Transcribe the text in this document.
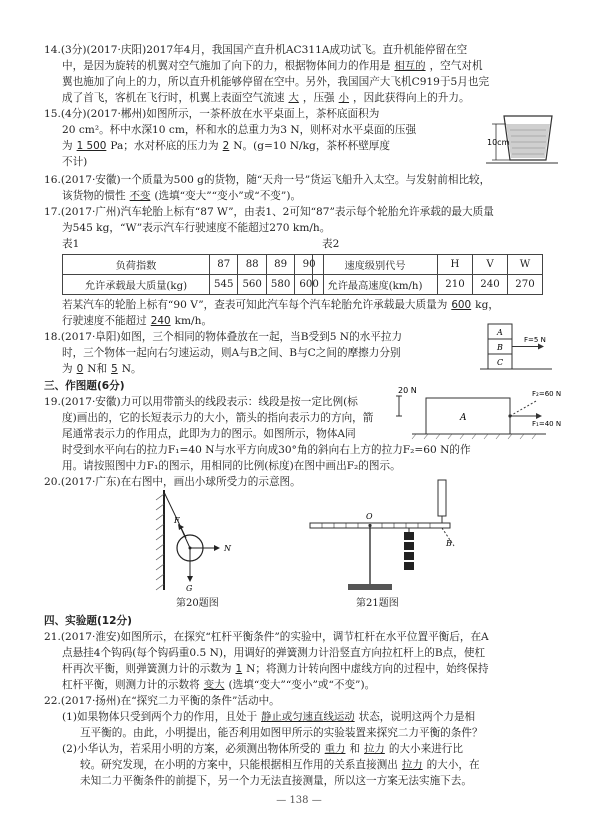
14.(3分)(2017·庆阳)2017年4月，我国国产直升机AC311A成功试飞。直升机能停留在空
中，是因为旋转的机翼对空气施加了向下的力，根据物体间力的作用是 相互的 ，空气对机
翼也施加了向上的力，所以直升机能够停留在空中。另外，我国国产大飞机C919于5月也完
成了首飞，客机在飞行时，机翼上表面空气流速 大 ，压强 小 ，因此获得向上的升力。
15.(4分)(2017·郴州)如图所示，一茶杯放在水平桌面上，茶杯底面积为
20 cm²。杯中水深10 cm，杯和水的总重力为3 N，则杯对水平桌面的压强
为 1 500 Pa；水对杯底的压力为 2 N。(g=10 N/kg，茶杯杯壁厚度
不计)
10cm
16.(2017·安徽)一个质量为500 g的货物，随“天舟一号”货运飞船升入太空。与发射前相比较，
该货物的惯性 不变 (选填“变大”“变小”或“不变”)。
17.(2017·广州)汽车轮胎上标有“87 W”，由表1、2可知“87”表示每个轮胎允许承载的最大质量
为545 kg，“W”表示汽车行驶速度不能超过270 km/h。
表1	表2
负荷指数	87	88	89	90
允许承载最大质量(kg)	545	560	580	600
速度级别代号	H	V	W
允许最高速度(km/h)	210	240	270
若某汽车的轮胎上标有“90 V”，查表可知此汽车每个汽车轮胎允许承载最大质量为 600 kg，
行驶速度不能超过 240 km/h。
18.(2017·阜阳)如图，三个相同的物体叠放在一起，当B受到5 N的水平拉力
时，三个物体一起向右匀速运动，则A与B之间、B与C之间的摩擦力分别
为 0 N和 5 N。
A
B
C
F=5 N
三、作图题(6分)
19.(2017·安徽)力可以用带箭头的线段表示：线段是按一定比例(标
度)画出的，它的长短表示力的大小，箭头的指向表示力的方向，箭
尾通常表示力的作用点，此即为力的图示。如图所示，物体A同
时受到水平向右的拉力F₁=40 N与水平方向成30°角的斜向右上方的拉力F₂=60 N的作
用。请按照图中力F₁的图示，用相同的比例(标度)在图中画出F₂的图示。
20 N
A
F₂=60 N
F₁=40 N
20.(2017·广东)在右图中，画出小球所受力的示意图。
F
N
G
第20题图
O
B
第21题图
四、实验题(12分)
21.(2017·淮安)如图所示，在探究“杠杆平衡条件”的实验中，调节杠杆在水平位置平衡后，在A
点悬挂4个钩码(每个钩码重0.5 N)，用调好的弹簧测力计沿竖直方向拉杠杆上的B点，使杠
杆再次平衡，则弹簧测力计的示数为 1 N；将测力计转向图中虚线方向的过程中，始终保持
杠杆平衡，则测力计的示数将 变大 (选填“变大”“变小”或“不变”)。
22.(2017·扬州)在“探究二力平衡的条件”活动中。
(1)如果物体只受到两个力的作用，且处于 静止或匀速直线运动 状态，说明这两个力是相
互平衡的。由此，小明提出，能否利用如图甲所示的实验装置来探究二力平衡的条件？
(2)小华认为，若采用小明的方案，必须测出物体所受的 重力 和 拉力 的大小来进行比
较。研究发现，在小明的方案中，只能根据相互作用的关系直接测出 拉力 的大小，在
未知二力平衡条件的前提下，另一个力无法直接测量，所以这一方案无法实施下去。
— 138 —
